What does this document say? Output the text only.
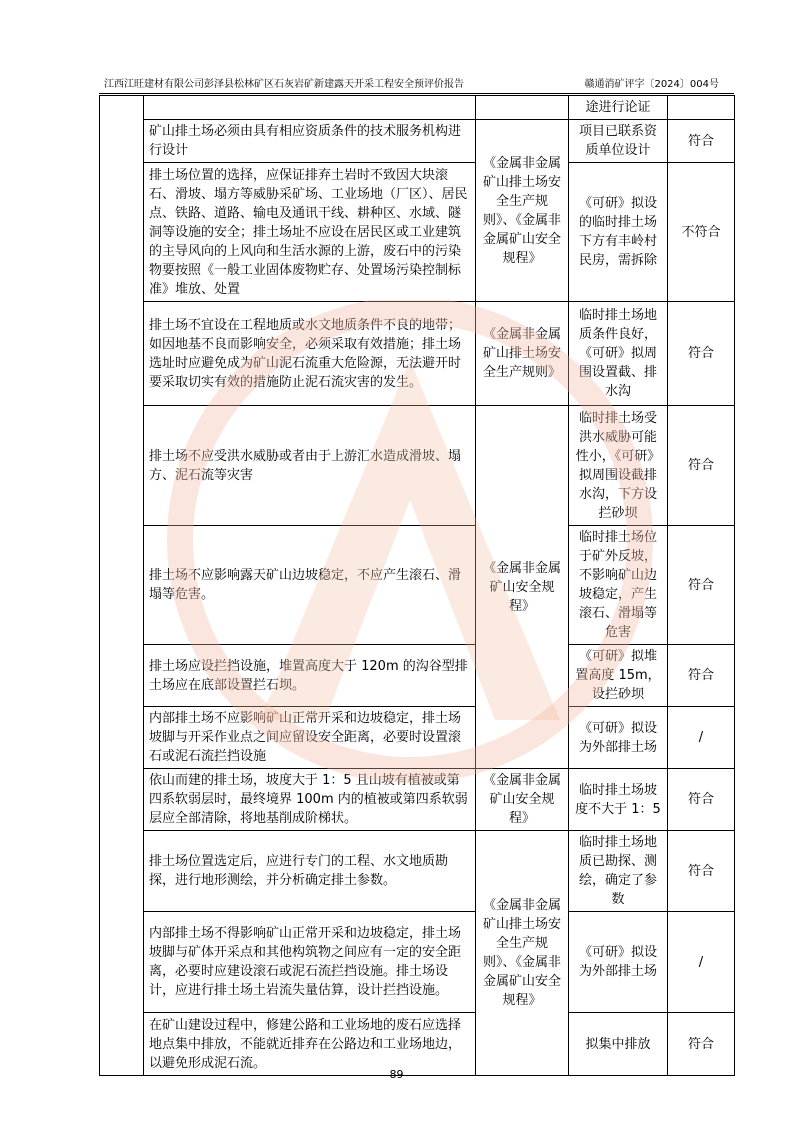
江西江旺建材有限公司彭泽县松林矿区石灰岩矿新建露天开采工程安全预评价报告	赣通消矿评字〔2024〕004号
			途进行论证	
	矿山排土场必须由具有相应资质条件的技术服务机构进行设计	《金属非金属矿山排土场安全生产规则》、《金属非金属矿山安全规程》	项目已联系资质单位设计	符合
	排土场位置的选择，应保证排弃土岩时不致因大块滚石、滑坡、塌方等威胁采矿场、工业场地（厂区）、居民点、铁路、道路、输电及通讯干线、耕种区、水域、隧洞等设施的安全；排土场址不应设在居民区或工业建筑的主导风向的上风向和生活水源的上游，废石中的污染物要按照《一般工业固体废物贮存、处置场污染控制标准》堆放、处置		《可研》拟设的临时排土场下方有丰岭村民房，需拆除	不符合
	排土场不宜设在工程地质或水文地质条件不良的地带；如因地基不良而影响安全，必须采取有效措施；排土场选址时应避免成为矿山泥石流重大危险源，无法避开时要采取切实有效的措施防止泥石流灾害的发生。	《金属非金属矿山排土场安全生产规则》	临时排土场地质条件良好，《可研》拟周围设置截、排水沟	符合
	排土场不应受洪水威胁或者由于上游汇水造成滑坡、塌方、泥石流等灾害	《金属非金属矿山安全规程》	临时排土场受洪水威胁可能性小，《可研》拟周围设截排水沟，下方设拦砂坝	符合
	排土场不应影响露天矿山边坡稳定，不应产生滚石、滑塌等危害。		临时排土场位于矿外反坡，不影响矿山边坡稳定，产生滚石、滑塌等危害	符合
	排土场应设拦挡设施，堆置高度大于 120m 的沟谷型排土场应在底部设置拦石坝。		《可研》拟堆置高度 15m，设拦砂坝	符合
	内部排土场不应影响矿山正常开采和边坡稳定，排土场坡脚与开采作业点之间应留设安全距离，必要时设置滚石或泥石流拦挡设施		《可研》拟设为外部排土场	/
	依山而建的排土场，坡度大于 1：5 且山坡有植被或第四系软弱层时，最终境界 100m 内的植被或第四系软弱层应全部清除，将地基削成阶梯状。	《金属非金属矿山安全规程》	临时排土场坡度不大于 1：5	符合
	排土场位置选定后，应进行专门的工程、水文地质勘探，进行地形测绘，并分析确定排土参数。	《金属非金属矿山排土场安全生产规则》、《金属非金属矿山安全规程》	临时排土场地质已勘探、测绘，确定了参数	符合
	内部排土场不得影响矿山正常开采和边坡稳定，排土场坡脚与矿体开采点和其他构筑物之间应有一定的安全距离，必要时应建设滚石或泥石流拦挡设施。排土场设计，应进行排土场土岩流失量估算，设计拦挡设施。		《可研》拟设为外部排土场	/
	在矿山建设过程中，修建公路和工业场地的废石应选择地点集中排放，不能就近排弃在公路边和工业场地边，以避免形成泥石流。		拟集中排放	符合
89
